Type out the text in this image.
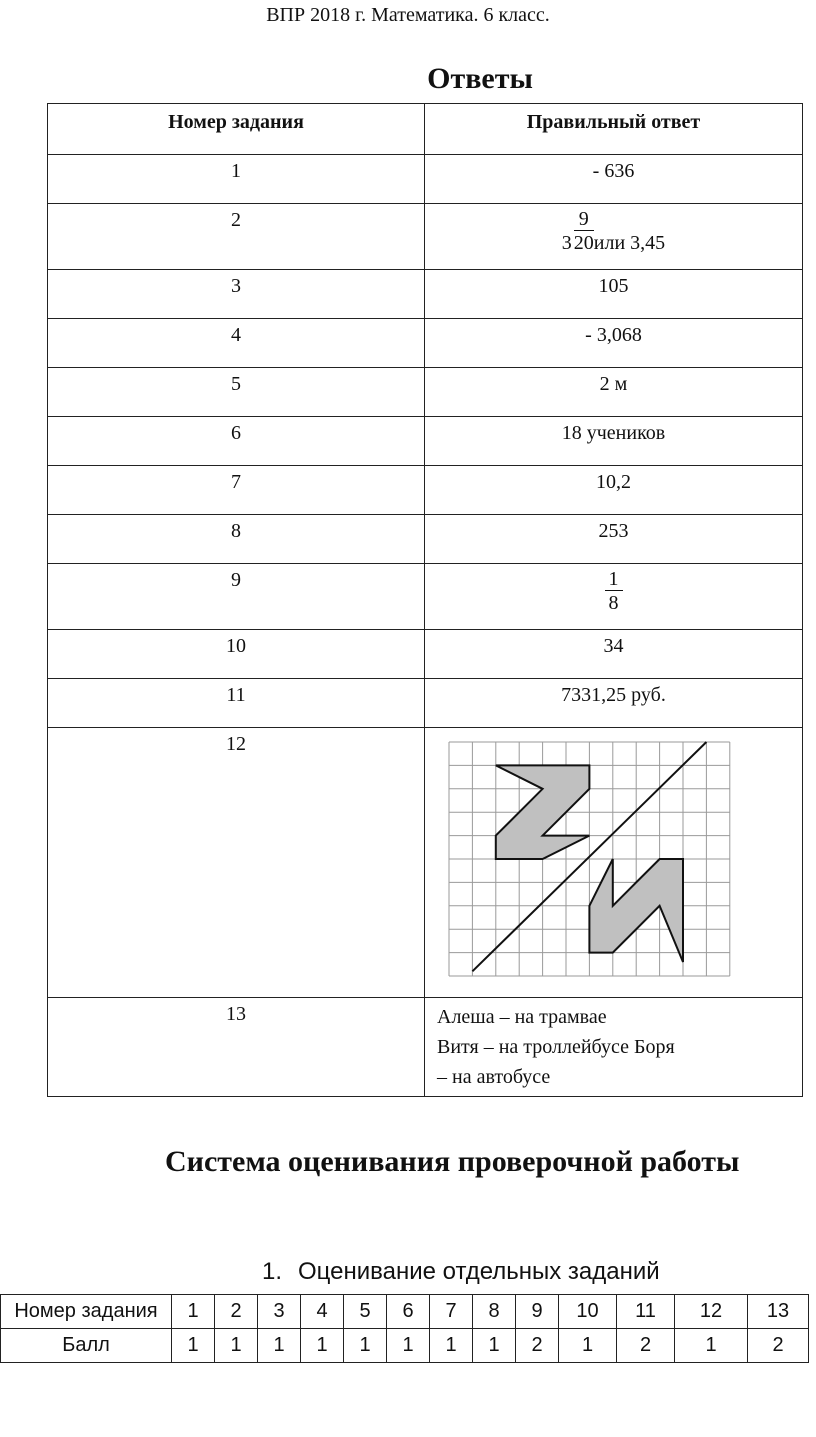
ВПР 2018 г. Математика. 6 класс.
Ответы
Номер задания	Правильный ответ
1	- 636
2	$3 \frac{9}{20}$ или 3,45

3	105
4	- 3,068
5	2 м
6	18 учеников
7	10,2
8	253
9	$\frac{1}{8}$

10	34
11	7331,25 руб.
12	

13	Алеша – на трамвае
Витя – на троллейбусе Боря
– на автобусе
Система оценивания проверочной работы
1. Оценивание отдельных заданий
Номер задания	1	2	3	4	5	6	7	8	9	10	11	12	13
Балл	1	1	1	1	1	1	1	1	2	1	2	1	2
